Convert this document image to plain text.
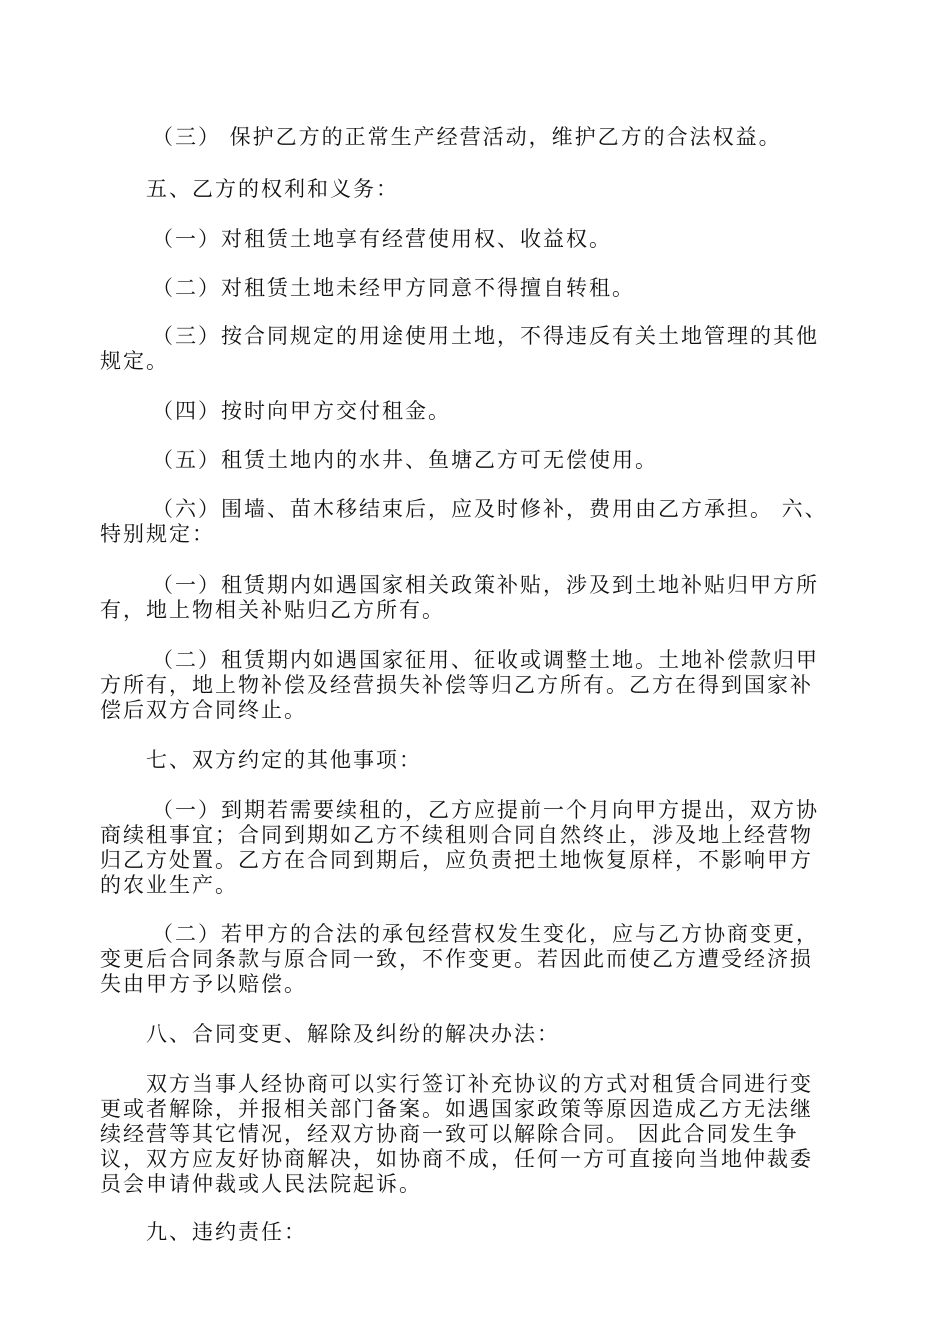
（三） 保护乙方的正常生产经营活动，维护乙方的合法权益。

五、乙方的权利和义务：

（一）对租赁土地享有经营使用权、收益权。

（二）对租赁土地未经甲方同意不得擅自转租。

（三）按合同规定的用途使用土地，不得违反有关土地管理的其他
规定。

（四）按时向甲方交付租金。

（五）租赁土地内的水井、鱼塘乙方可无偿使用。

（六）围墙、苗木移结束后，应及时修补，费用由乙方承担。 六、
特别规定：

（一）租赁期内如遇国家相关政策补贴，涉及到土地补贴归甲方所
有，地上物相关补贴归乙方所有。

（二）租赁期内如遇国家征用、征收或调整土地。土地补偿款归甲
方所有，地上物补偿及经营损失补偿等归乙方所有。乙方在得到国家补
偿后双方合同终止。

七、双方约定的其他事项：

（一）到期若需要续租的，乙方应提前一个月向甲方提出，双方协
商续租事宜；合同到期如乙方不续租则合同自然终止，涉及地上经营物
归乙方处置。乙方在合同到期后，应负责把土地恢复原样，不影响甲方
的农业生产。

（二）若甲方的合法的承包经营权发生变化，应与乙方协商变更，
变更后合同条款与原合同一致，不作变更。若因此而使乙方遭受经济损
失由甲方予以赔偿。

八、合同变更、解除及纠纷的解决办法：

双方当事人经协商可以实行签订补充协议的方式对租赁合同进行变
更或者解除，并报相关部门备案。如遇国家政策等原因造成乙方无法继
续经营等其它情况，经双方协商一致可以解除合同。 因此合同发生争
议，双方应友好协商解决，如协商不成，任何一方可直接向当地仲裁委
员会申请仲裁或人民法院起诉。

九、违约责任：
